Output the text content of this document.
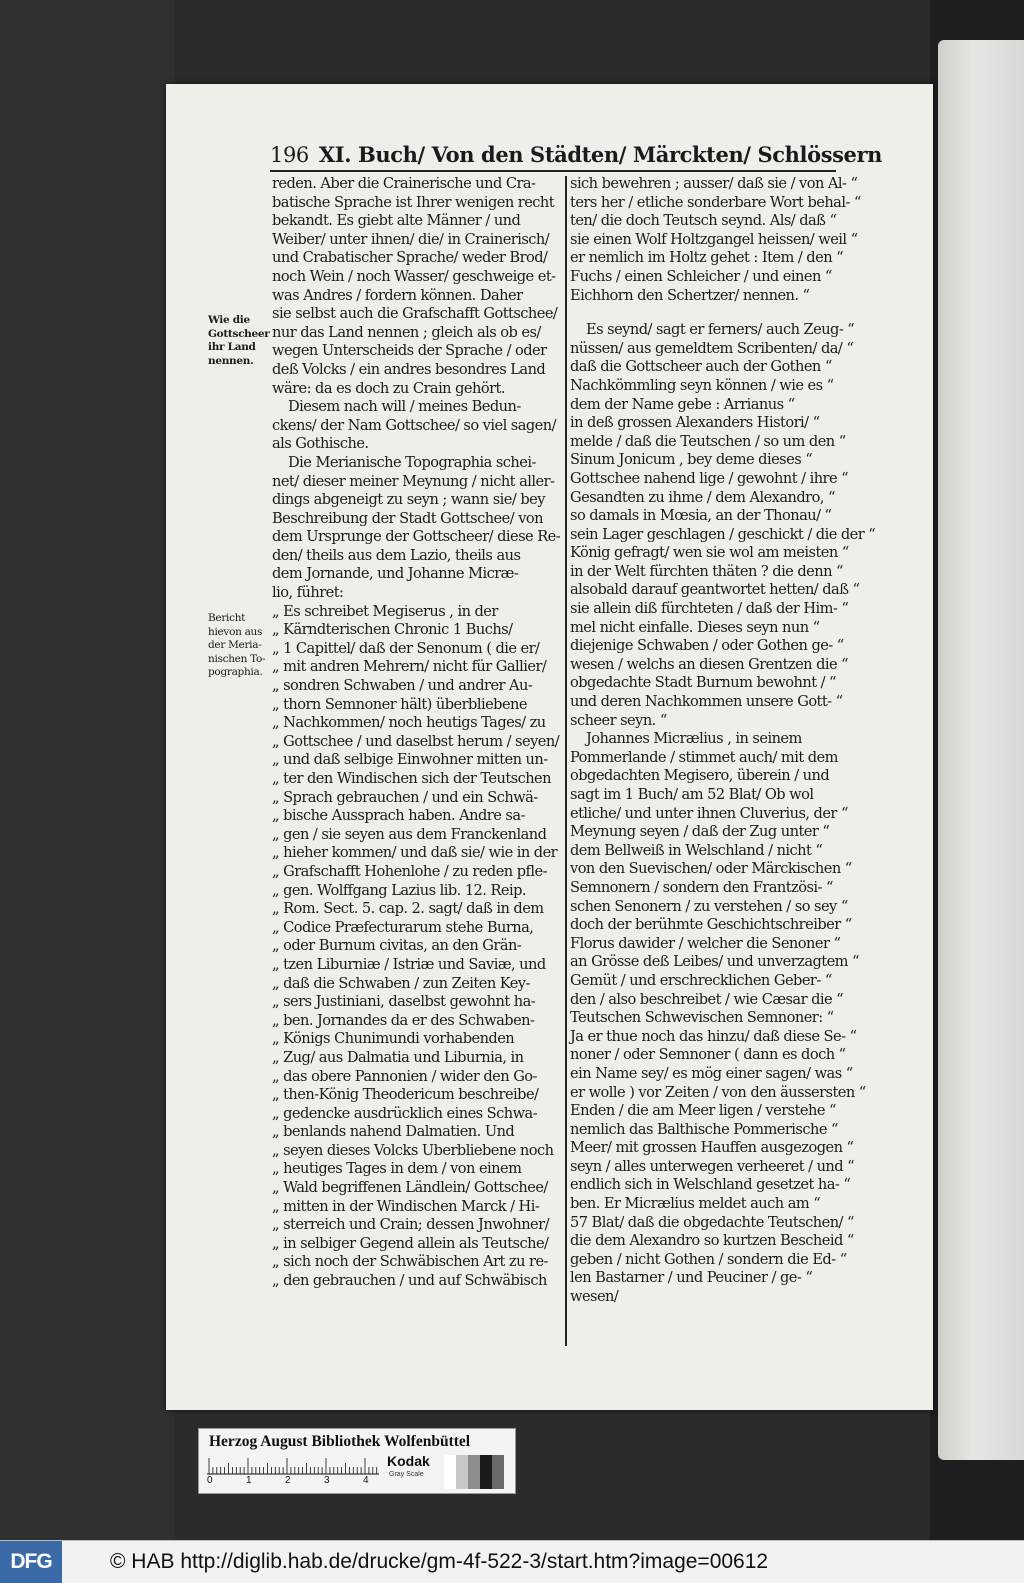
196 XI. Buch/ Von den Städten/ Märckten/ Schlössern
Wie die
Gottscheer
ihr Land
nennen.
Bericht
hievon aus
der Meria-
nischen To-
pographia.
reden. Aber die Crainerische und Cra-
batische Sprache ist Ihrer wenigen recht
bekandt. Es giebt alte Männer / und
Weiber/ unter ihnen/ die/ in Crainerisch/
und Crabatischer Sprache/ weder Brod/
noch Wein / noch Wasser/ geschweige et-
was Andres / fordern können. Daher
sie selbst auch die Grafschafft Gottschee/
nur das Land nennen ; gleich als ob es/
wegen Unterscheids der Sprache / oder
deß Volcks / ein andres besondres Land
wäre: da es doch zu Crain gehört.
Diesem nach will / meines Bedun-
ckens/ der Nam Gottschee/ so viel sagen/
als Gothische.
Die Merianische Topographia schei-
net/ dieser meiner Meynung / nicht aller-
dings abgeneigt zu seyn ; wann sie/ bey
Beschreibung der Stadt Gottschee/ von
dem Ursprunge der Gottscheer/ diese Re-
den/ theils aus dem Lazio, theils aus
dem Jornande, und Johanne Micræ-
lio, führet:
„ Es schreibet Megiserus , in der
„ Kärndterischen Chronic 1 Buchs/
„ 1 Capittel/ daß der Senonum ( die er/
„ mit andren Mehrern/ nicht für Gallier/
„ sondren Schwaben / und andrer Au-
„ thorn Semnoner hält) überbliebene
„ Nachkommen/ noch heutigs Tages/ zu
„ Gottschee / und daselbst herum / seyen/
„ und daß selbige Einwohner mitten un-
„ ter den Windischen sich der Teutschen
„ Sprach gebrauchen / und ein Schwä-
„ bische Aussprach haben. Andre sa-
„ gen / sie seyen aus dem Franckenland
„ hieher kommen/ und daß sie/ wie in der
„ Grafschafft Hohenlohe / zu reden pfle-
„ gen. Wolffgang Lazius lib. 12. Reip.
„ Rom. Sect. 5. cap. 2. sagt/ daß in dem
„ Codice Præfecturarum stehe Burna,
„ oder Burnum civitas, an den Grän-
„ tzen Liburniæ / Istriæ und Saviæ, und
„ daß die Schwaben / zun Zeiten Key-
„ sers Justiniani, daselbst gewohnt ha-
„ ben. Jornandes da er des Schwaben-
„ Königs Chunimundi vorhabenden
„ Zug/ aus Dalmatia und Liburnia, in
„ das obere Pannonien / wider den Go-
„ then-König Theodericum beschreibe/
„ gedencke ausdrücklich eines Schwa-
„ benlands nahend Dalmatien. Und
„ seyen dieses Volcks Uberbliebene noch
„ heutiges Tages in dem / von einem
„ Wald begriffenen Ländlein/ Gottschee/
„ mitten in der Windischen Marck / Hi-
„ sterreich und Crain; dessen Jnwohner/
„ in selbiger Gegend allein als Teutsche/
„ sich noch der Schwäbischen Art zu re-
„ den gebrauchen / und auf Schwäbisch
sich bewehren ; ausser/ daß sie / von Al- “
ters her / etliche sonderbare Wort behal- “
ten/ die doch Teutsch seynd. Als/ daß “
sie einen Wolf Holtzgangel heissen/ weil “
er nemlich im Holtz gehet : Item / den “
Fuchs / einen Schleicher / und einen “
Eichhorn den Schertzer/ nennen. “
Es seynd/ sagt er ferners/ auch Zeug- “
nüssen/ aus gemeldtem Scribenten/ da/ “
daß die Gottscheer auch der Gothen “
Nachkömmling seyn können / wie es “
dem der Name gebe : Arrianus “
in deß grossen Alexanders Histori/ “
melde / daß die Teutschen / so um den “
Sinum Jonicum , bey deme dieses “
Gottschee nahend lige / gewohnt / ihre “
Gesandten zu ihme / dem Alexandro, “
so damals in Mœsia, an der Thonau/ “
sein Lager geschlagen / geschickt / die der “
König gefragt/ wen sie wol am meisten “
in der Welt fürchten thäten ? die denn “
alsobald darauf geantwortet hetten/ daß “
sie allein diß fürchteten / daß der Him- “
mel nicht einfalle. Dieses seyn nun “
diejenige Schwaben / oder Gothen ge- “
wesen / welchs an diesen Grentzen die “
obgedachte Stadt Burnum bewohnt / “
und deren Nachkommen unsere Gott- “
scheer seyn. “
Johannes Micrælius , in seinem
Pommerlande / stimmet auch/ mit dem
obgedachten Megisero, überein / und
sagt im 1 Buch/ am 52 Blat/ Ob wol
etliche/ und unter ihnen Cluverius, der “
Meynung seyen / daß der Zug unter “
dem Bellweiß in Welschland / nicht “
von den Suevischen/ oder Märckischen “
Semnonern / sondern den Frantzösi- “
schen Senonern / zu verstehen / so sey “
doch der berühmte Geschichtschreiber “
Florus dawider / welcher die Senoner “
an Grösse deß Leibes/ und unverzagtem “
Gemüt / und erschrecklichen Geber- “
den / also beschreibet / wie Cæsar die “
Teutschen Schwevischen Semnoner: “
Ja er thue noch das hinzu/ daß diese Se- “
noner / oder Semnoner ( dann es doch “
ein Name sey/ es mög einer sagen/ was “
er wolle ) vor Zeiten / von den äussersten “
Enden / die am Meer ligen / verstehe “
nemlich das Balthische Pommerische “
Meer/ mit grossen Hauffen ausgezogen “
seyn / alles unterwegen verheeret / und “
endlich sich in Welschland gesetzet ha- “
ben. Er Micrælius meldet auch am “
57 Blat/ daß die obgedachte Teutschen/ “
die dem Alexandro so kurtzen Bescheid “
geben / nicht Gothen / sondern die Ed- “
len Bastarner / und Peuciner / ge- “
wesen/
Herzog August Bibliothek Wolfenbüttel
0	1	2	3	4
Kodak
Gray Scale
DFG	© HAB http://diglib.hab.de/drucke/gm-4f-522-3/start.htm?image=00612
